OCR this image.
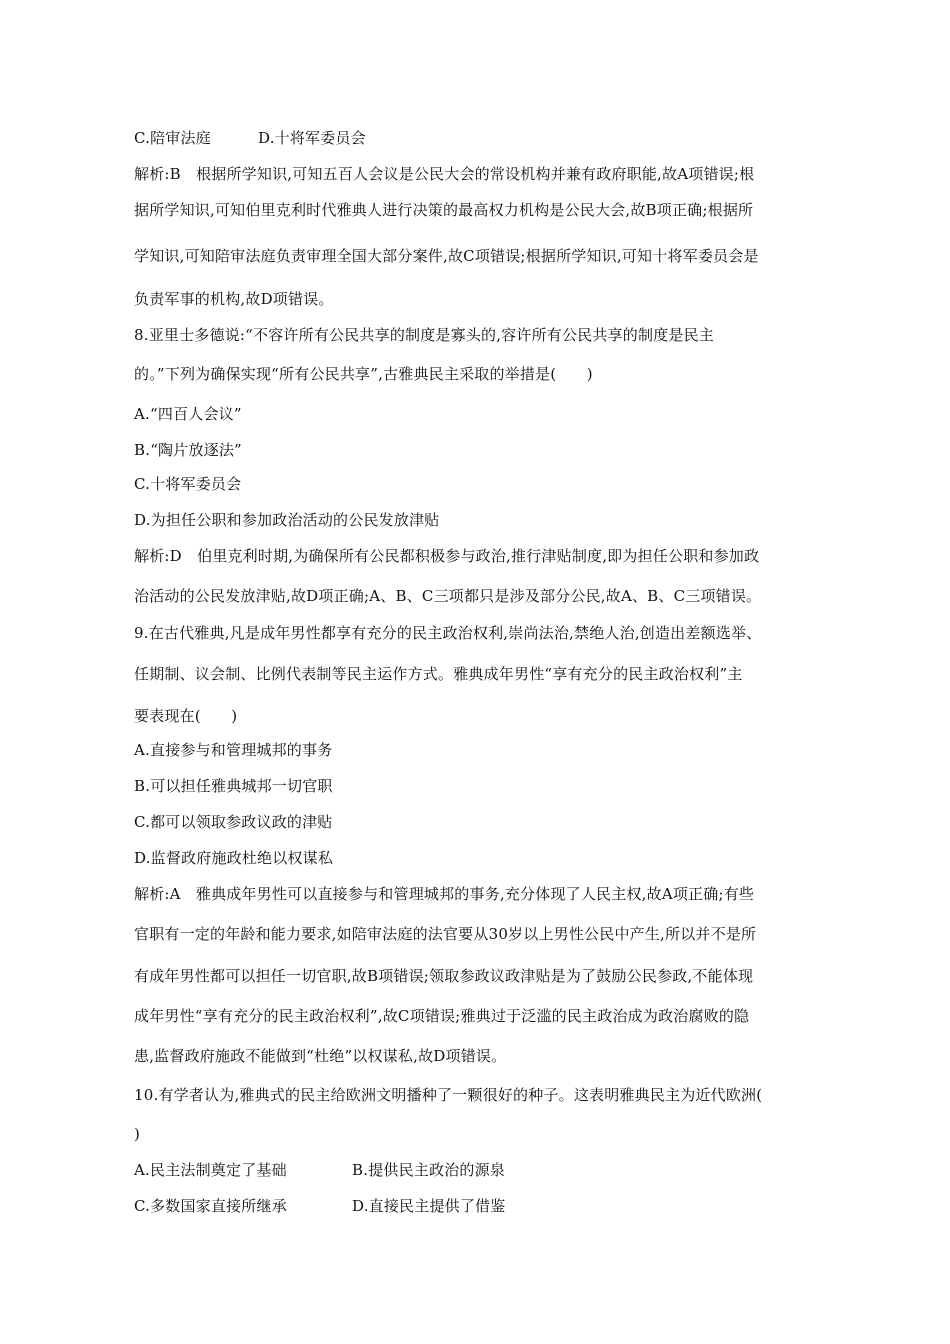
C.陪审法庭	D.十将军委员会
解析:B　根据所学知识,可知五百人会议是公民大会的常设机构并兼有政府职能,故A项错误;根
据所学知识,可知伯里克利时代雅典人进行决策的最高权力机构是公民大会,故B项正确;根据所
学知识,可知陪审法庭负责审理全国大部分案件,故C项错误;根据所学知识,可知十将军委员会是
负责军事的机构,故D项错误。
8.亚里士多德说:“不容许所有公民共享的制度是寡头的,容许所有公民共享的制度是民主
的。”下列为确保实现“所有公民共享”,古雅典民主采取的举措是(　　)
A.“四百人会议”
B.“陶片放逐法”
C.十将军委员会
D.为担任公职和参加政治活动的公民发放津贴
解析:D　伯里克利时期,为确保所有公民都积极参与政治,推行津贴制度,即为担任公职和参加政
治活动的公民发放津贴,故D项正确;A、B、C三项都只是涉及部分公民,故A、B、C三项错误。
9.在古代雅典,凡是成年男性都享有充分的民主政治权利,崇尚法治,禁绝人治,创造出差额选举、
任期制、议会制、比例代表制等民主运作方式。雅典成年男性“享有充分的民主政治权利”主
要表现在(　　)
A.直接参与和管理城邦的事务
B.可以担任雅典城邦一切官职
C.都可以领取参政议政的津贴
D.监督政府施政杜绝以权谋私
解析:A　雅典成年男性可以直接参与和管理城邦的事务,充分体现了人民主权,故A项正确;有些
官职有一定的年龄和能力要求,如陪审法庭的法官要从30岁以上男性公民中产生,所以并不是所
有成年男性都可以担任一切官职,故B项错误;领取参政议政津贴是为了鼓励公民参政,不能体现
成年男性“享有充分的民主政治权利”,故C项错误;雅典过于泛滥的民主政治成为政治腐败的隐
患,监督政府施政不能做到“杜绝”以权谋私,故D项错误。
10.有学者认为,雅典式的民主给欧洲文明播种了一颗很好的种子。这表明雅典民主为近代欧洲(
)
A.民主法制奠定了基础	B.提供民主政治的源泉
C.多数国家直接所继承	D.直接民主提供了借鉴
